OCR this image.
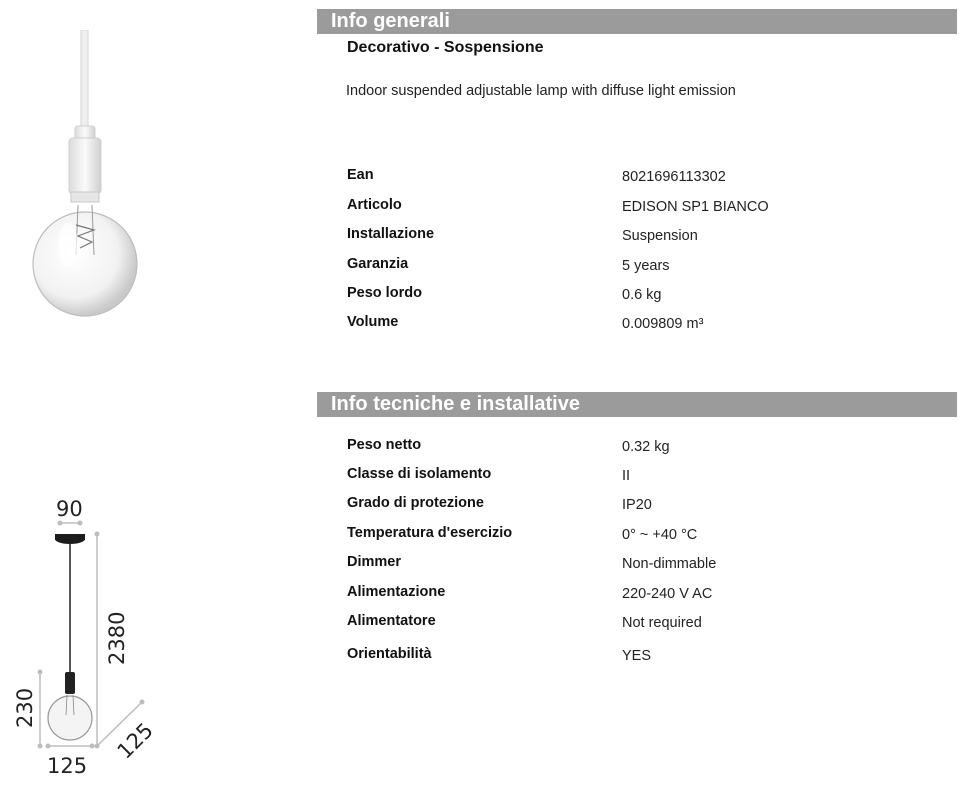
Info generali
Decorativo - Sospensione
Indoor suspended adjustable lamp with diffuse light emission
Ean	8021696113302
Articolo	EDISON SP1 BIANCO
Installazione	Suspension
Garanzia	5 years
Peso lordo	0.6 kg
Volume	0.009809 m³
Info tecniche e installative
Peso netto	0.32 kg
Classe di isolamento	II
Grado di protezione	IP20
Temperatura d'esercizio	0° ~ +40 °C
Dimmer	Non-dimmable
Alimentazione	220-240 V AC
Alimentatore	Not required
Orientabilità	YES
90
2380
230
125
125
